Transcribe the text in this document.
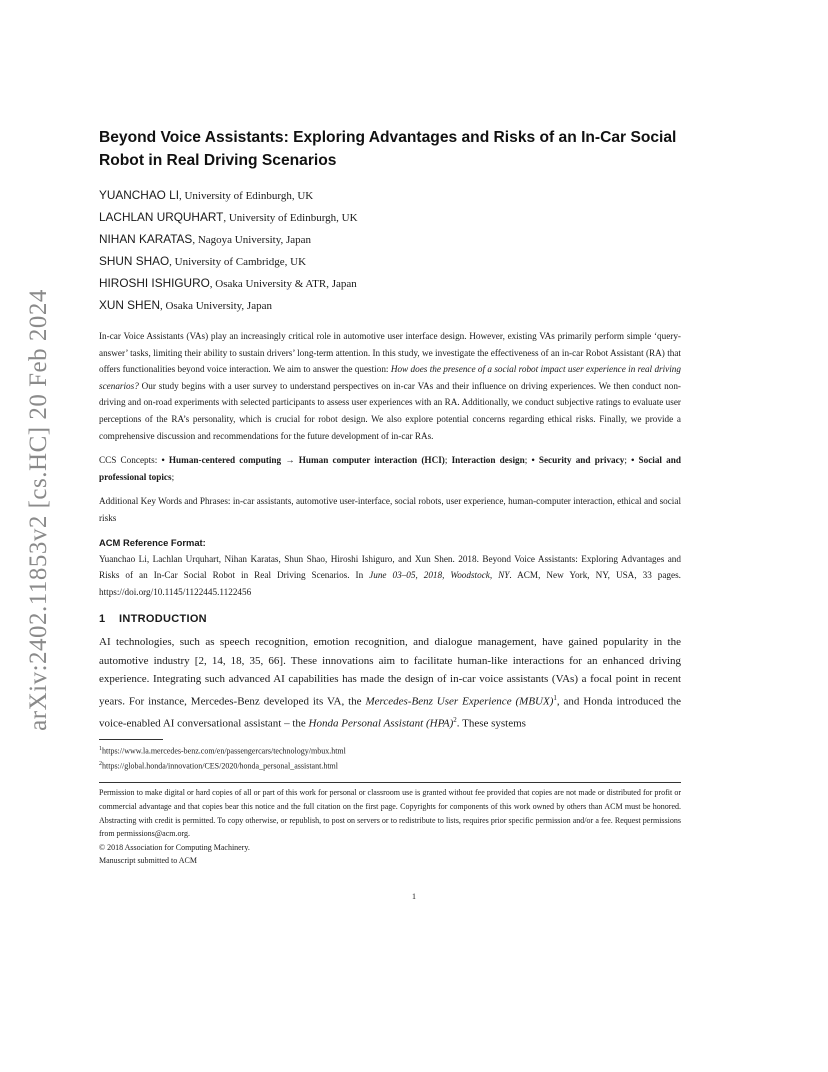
arXiv:2402.11853v2 [cs.HC] 20 Feb 2024
Beyond Voice Assistants: Exploring Advantages and Risks of an In-Car Social Robot in Real Driving Scenarios
YUANCHAO LI, University of Edinburgh, UK
LACHLAN URQUHART, University of Edinburgh, UK
NIHAN KARATAS, Nagoya University, Japan
SHUN SHAO, University of Cambridge, UK
HIROSHI ISHIGURO, Osaka University & ATR, Japan
XUN SHEN, Osaka University, Japan

In-car Voice Assistants (VAs) play an increasingly critical role in automotive user interface design. However, existing VAs primarily perform simple ‘query-answer’ tasks, limiting their ability to sustain drivers’ long-term attention. In this study, we investigate the effectiveness of an in-car Robot Assistant (RA) that offers functionalities beyond voice interaction. We aim to answer the question: How does the presence of a social robot impact user experience in real driving scenarios? Our study begins with a user survey to understand perspectives on in-car VAs and their influence on driving experiences. We then conduct non-driving and on-road experiments with selected participants to assess user experiences with an RA. Additionally, we conduct subjective ratings to evaluate user perceptions of the RA’s personality, which is crucial for robot design. We also explore potential concerns regarding ethical risks. Finally, we provide a comprehensive discussion and recommendations for the future development of in-car RAs.

CCS Concepts: • Human-centered computing → Human computer interaction (HCI); Interaction design; • Security and privacy; • Social and professional topics;

Additional Key Words and Phrases: in-car assistants, automotive user-interface, social robots, user experience, human-computer interaction, ethical and social risks

ACM Reference Format:

Yuanchao Li, Lachlan Urquhart, Nihan Karatas, Shun Shao, Hiroshi Ishiguro, and Xun Shen. 2018. Beyond Voice Assistants: Exploring Advantages and Risks of an In-Car Social Robot in Real Driving Scenarios. In June 03–05, 2018, Woodstock, NY. ACM, New York, NY, USA, 33 pages. https://doi.org/10.1145/1122445.1122456

1 INTRODUCTION

AI technologies, such as speech recognition, emotion recognition, and dialogue management, have gained popularity in the automotive industry [2, 14, 18, 35, 66]. These innovations aim to facilitate human-like interactions for an enhanced driving experience. Integrating such advanced AI capabilities has made the design of in-car voice assistants (VAs) a focal point in recent years. For instance, Mercedes-Benz developed its VA, the Mercedes-Benz User Experience (MBUX)$^1$, and Honda introduced the voice-enabled AI conversational assistant – the Honda Personal Assistant (HPA)$^2$. These systems

$^1$https://www.la.mercedes-benz.com/en/passengercars/technology/mbux.html
$^2$https://global.honda/innovation/CES/2020/honda_personal_assistant.html
Permission to make digital or hard copies of all or part of this work for personal or classroom use is granted without fee provided that copies are not made or distributed for profit or commercial advantage and that copies bear this notice and the full citation on the first page. Copyrights for components of this work owned by others than ACM must be honored. Abstracting with credit is permitted. To copy otherwise, or republish, to post on servers or to redistribute to lists, requires prior specific permission and/or a fee. Request permissions from permissions@acm.org.
© 2018 Association for Computing Machinery.
Manuscript submitted to ACM
1
